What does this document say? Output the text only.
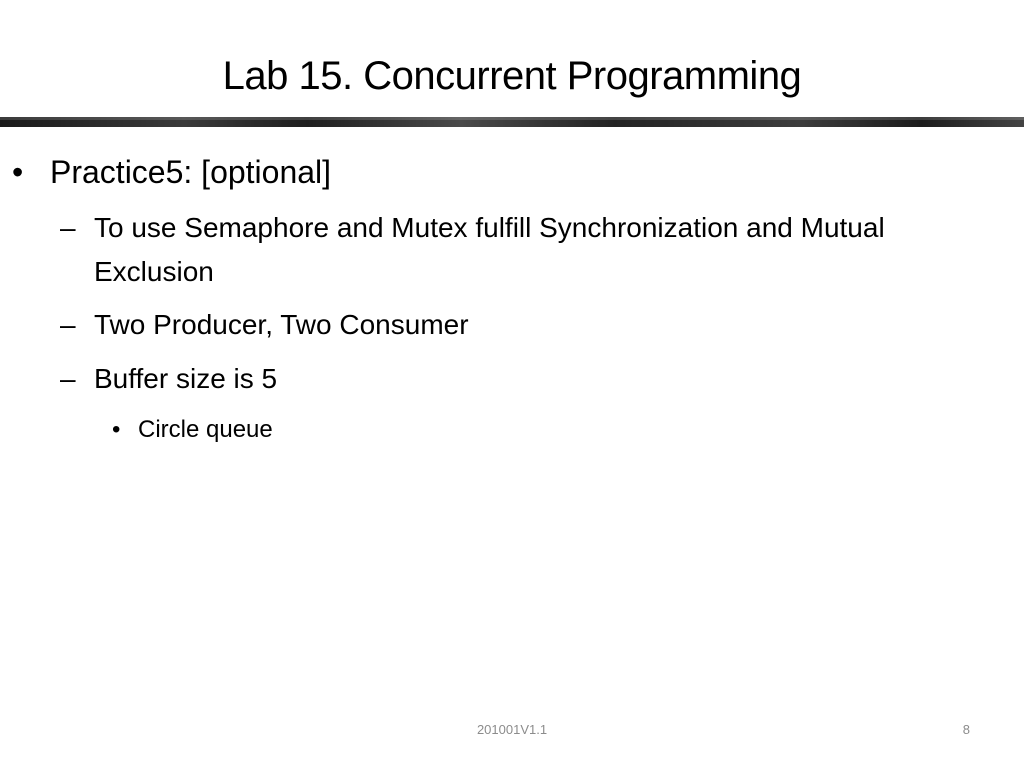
Lab 15. Concurrent Programming
• Practice5: [optional]
– To use Semaphore and Mutex fulfill Synchronization and Mutual Exclusion
– Two Producer, Two Consumer
– Buffer size is 5
• Circle queue
201001V1.1	8
